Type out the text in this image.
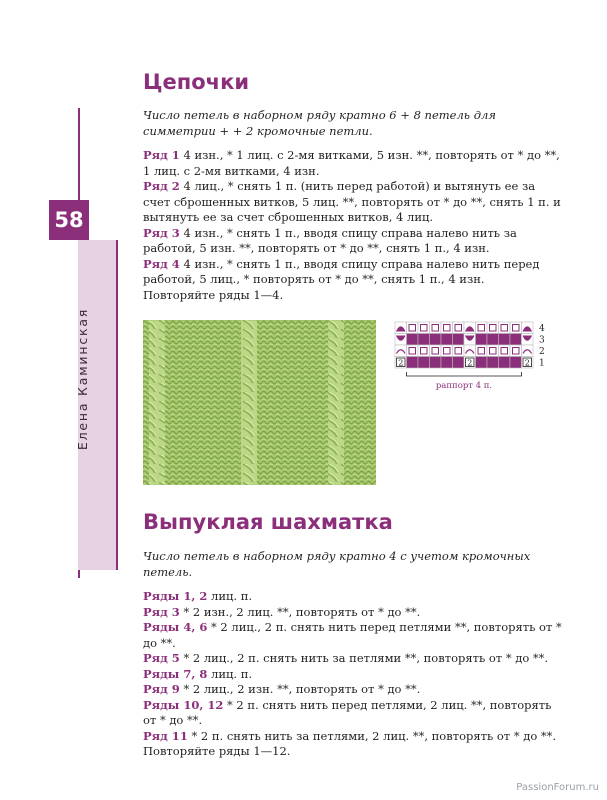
58
Елена Каминская
Цепочки

Число петель в наборном ряду кратно 6 + 8 петель для симметрии + + 2 кромочные петли.

Ряд 1 4 изн., * 1 лиц. с 2-мя витками, 5 изн. **, повторять от * до **, 1 лиц. с 2-мя витками, 4 изн.

Ряд 2 4 лиц., * снять 1 п. (нить перед работой) и вытянуть ее за счет сброшенных витков, 5 лиц. **, повторять от * до **, снять 1 п. и вытянуть ее за счет сброшенных витков, 4 лиц.

Ряд 3 4 изн., * снять 1 п., вводя спицу справа налево нить за работой, 5 изн. **, повторять от * до **, снять 1 п., 4 изн.

Ряд 4 4 изн., * снять 1 п., вводя спицу справа налево нить перед работой, 5 лиц., * повторять от * до **, снять 1 п., 4 изн.

Повторяйте ряды 1—4.

4
3
2
2	2	2 1
раппорт 4 п.
Выпуклая шахматка

Число петель в наборном ряду кратно 4 с учетом кромочных петель.

Ряды 1, 2 лиц. п.

Ряд 3 * 2 изн., 2 лиц. **, повторять от * до **.

Ряды 4, 6 * 2 лиц., 2 п. снять нить перед петлями **, повторять от * до **.

Ряд 5 * 2 лиц., 2 п. снять нить за петлями **, повторять от * до **.

Ряды 7, 8 лиц. п.

Ряд 9 * 2 лиц., 2 изн. **, повторять от * до **.

Ряды 10, 12 * 2 п. снять нить перед петлями, 2 лиц. **, повторять от * до **.

Ряд 11 * 2 п. снять нить за петлями, 2 лиц. **, повторять от * до **.

Повторяйте ряды 1—12.

PassionForum.ru
